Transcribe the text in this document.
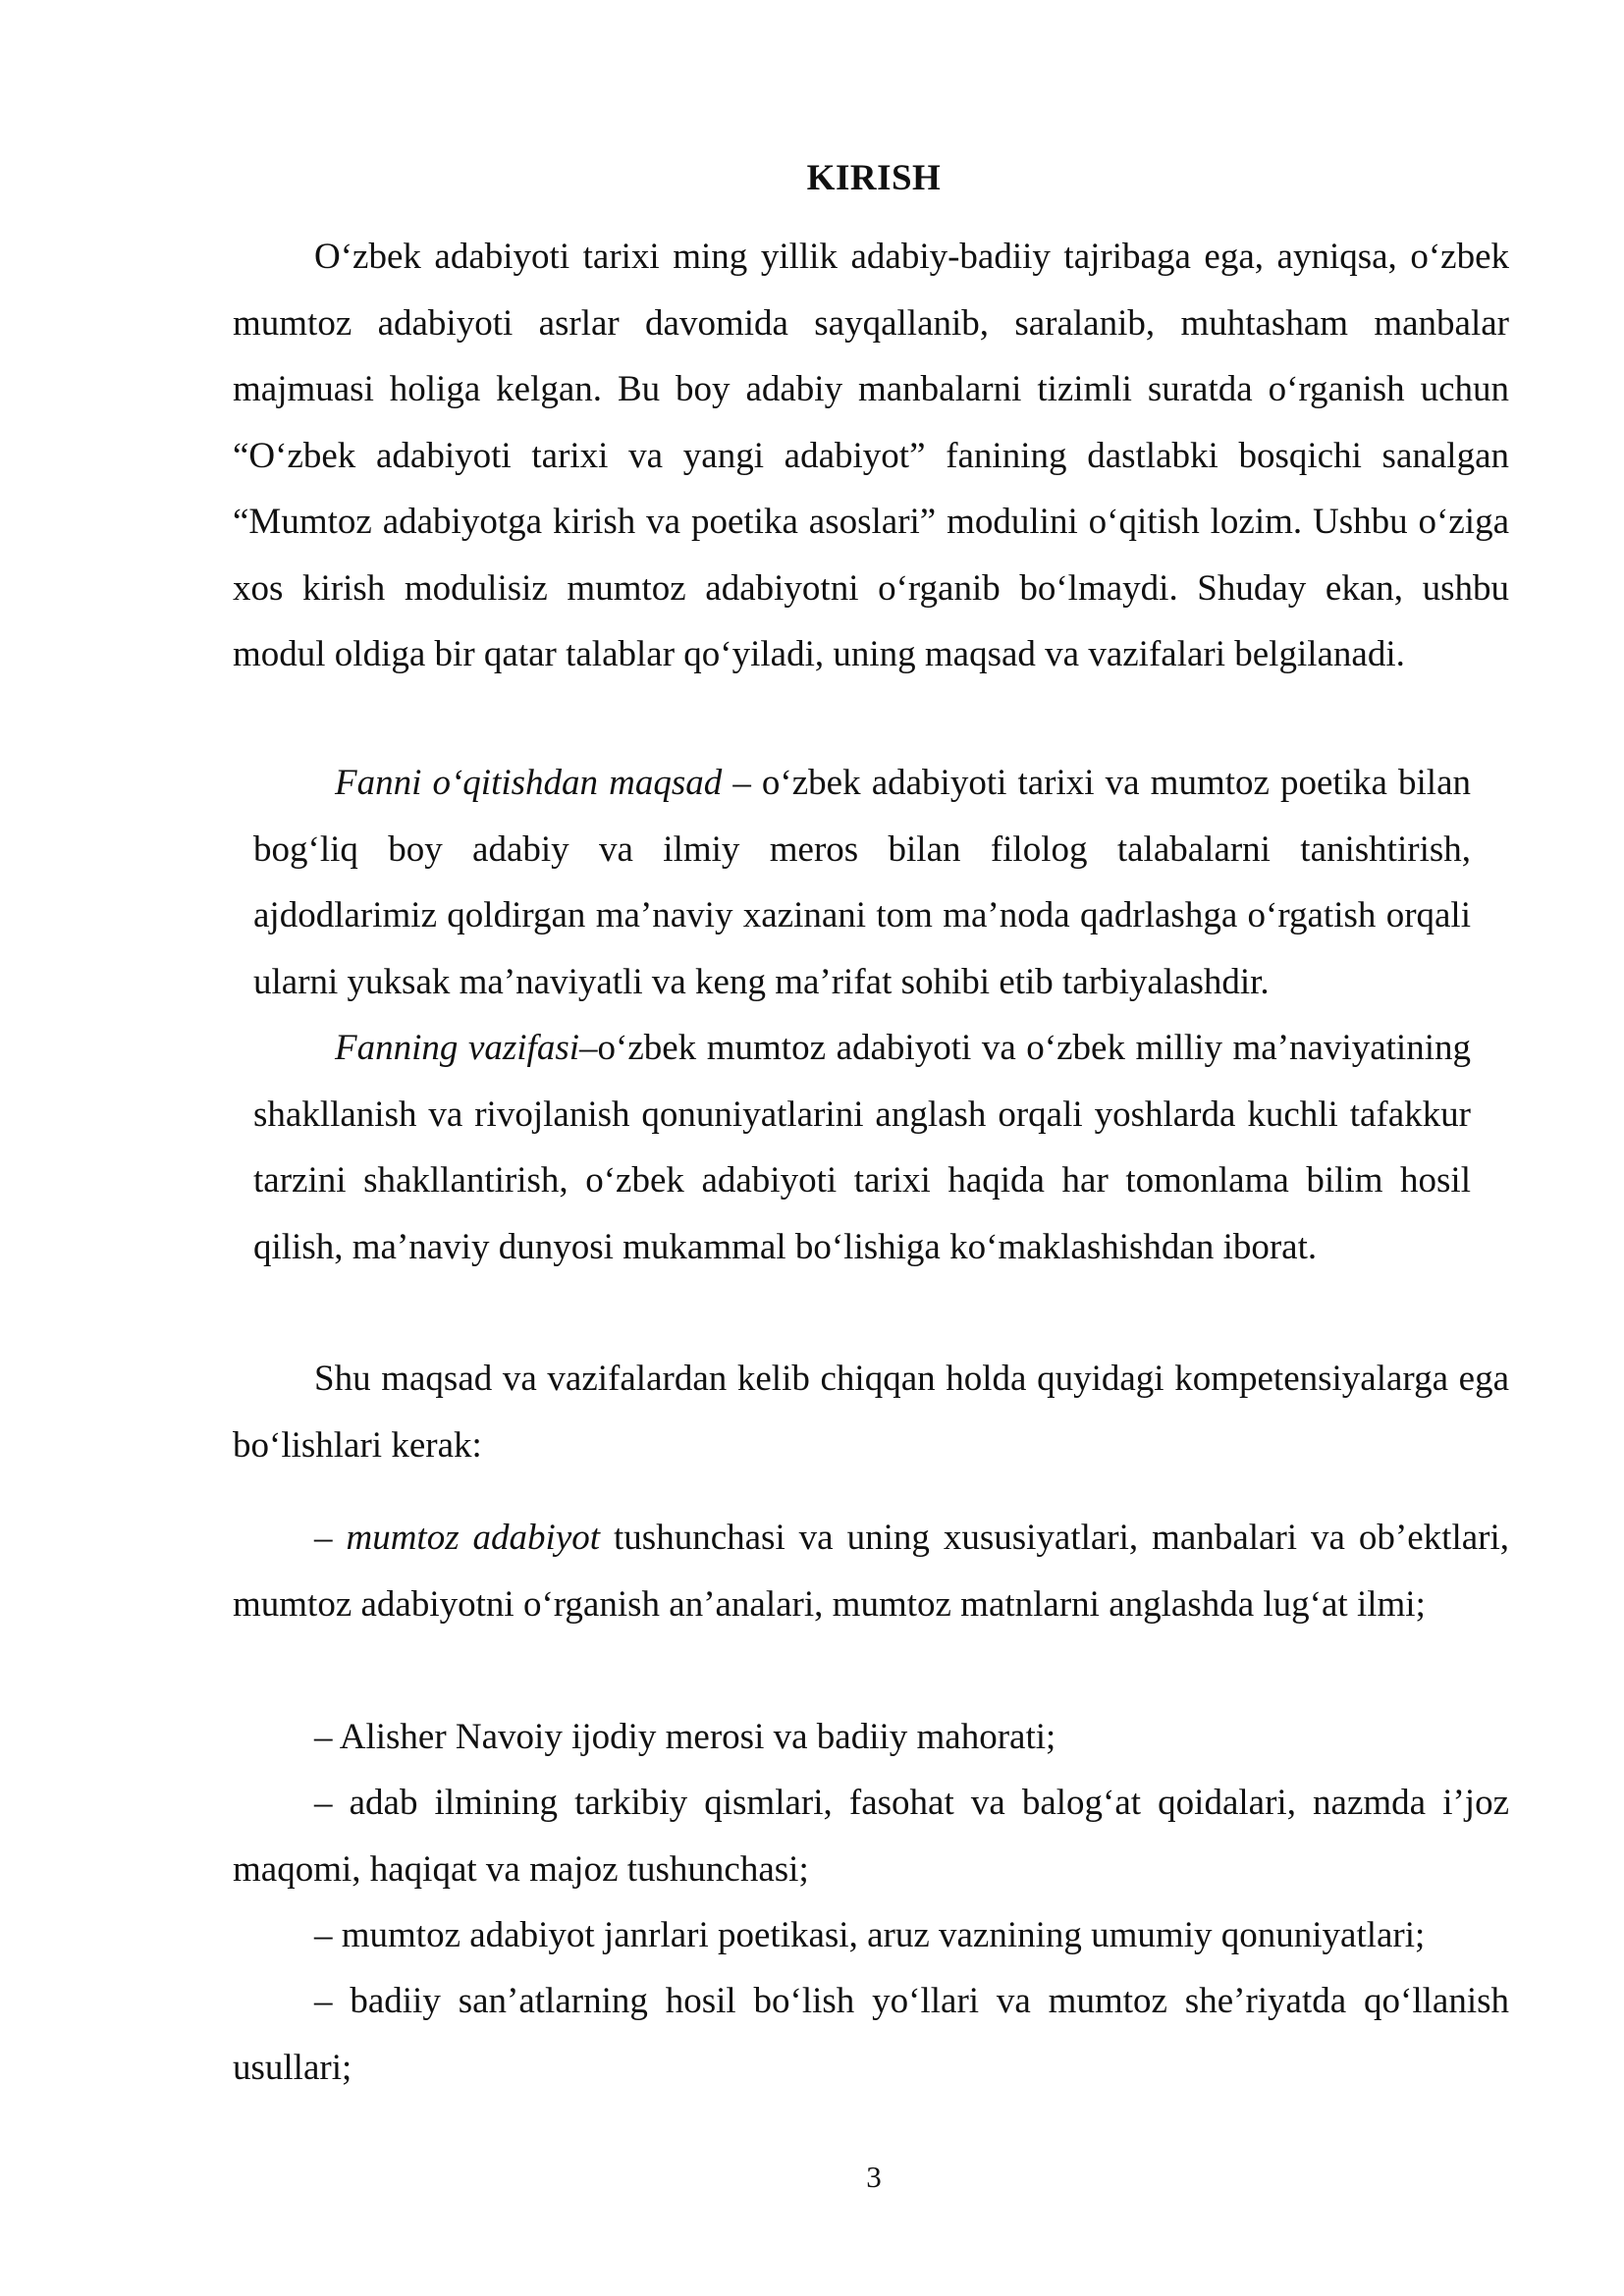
KIRISH

O‘zbek adabiyoti tarixi ming yillik adabiy-badiiy tajribaga ega, ayniqsa, o‘zbek mumtoz adabiyoti asrlar davomida sayqallanib, saralanib, muhtasham manbalar majmuasi holiga kelgan. Bu boy adabiy manbalarni tizimli suratda o‘rganish uchun “O‘zbek adabiyoti tarixi va yangi adabiyot” fanining dastlabki bosqichi sanalgan “Mumtoz adabiyotga kirish va poetika asoslari” modulini o‘qitish lozim. Ushbu o‘ziga xos kirish modulisiz mumtoz adabiyotni o‘rganib bo‘lmaydi. Shuday ekan, ushbu modul oldiga bir qatar talablar qo‘yiladi, uning maqsad va vazifalari belgilanadi.

Fanni o‘qitishdan maqsad – o‘zbek adabiyoti tarixi va mumtoz poetika bilan bog‘liq boy adabiy va ilmiy meros bilan filolog talabalarni tanishtirish, ajdodlarimiz qoldirgan ma’naviy xazinani tom ma’noda qadrlashga o‘rgatish orqali ularni yuksak ma’naviyatli va keng ma’rifat sohibi etib tarbiyalashdir.

Fanning vazifasi–o‘zbek mumtoz adabiyoti va o‘zbek milliy ma’naviyatining shakllanish va rivojlanish qonuniyatlarini anglash orqali yoshlarda kuchli tafakkur tarzini shakllantirish, o‘zbek adabiyoti tarixi haqida har tomonlama bilim hosil qilish, ma’naviy dunyosi mukammal bo‘lishiga ko‘maklashishdan iborat.

Shu maqsad va vazifalardan kelib chiqqan holda quyidagi kompetensiyalarga ega bo‘lishlari kerak:

– mumtoz adabiyot tushunchasi va uning xususiyatlari, manbalari va ob’ektlari, mumtoz adabiyotni o‘rganish an’analari, mumtoz matnlarni anglashda lug‘at ilmi;

– Alisher Navoiy ijodiy merosi va badiiy mahorati;

– adab ilmining tarkibiy qismlari, fasohat va balog‘at qoidalari, nazmda i’joz maqomi, haqiqat va majoz tushunchasi;

– mumtoz adabiyot janrlari poetikasi, aruz vaznining umumiy qonuniyatlari;

– badiiy san’atlarning hosil bo‘lish yo‘llari va mumtoz she’riyatda qo‘llanish usullari;

3
